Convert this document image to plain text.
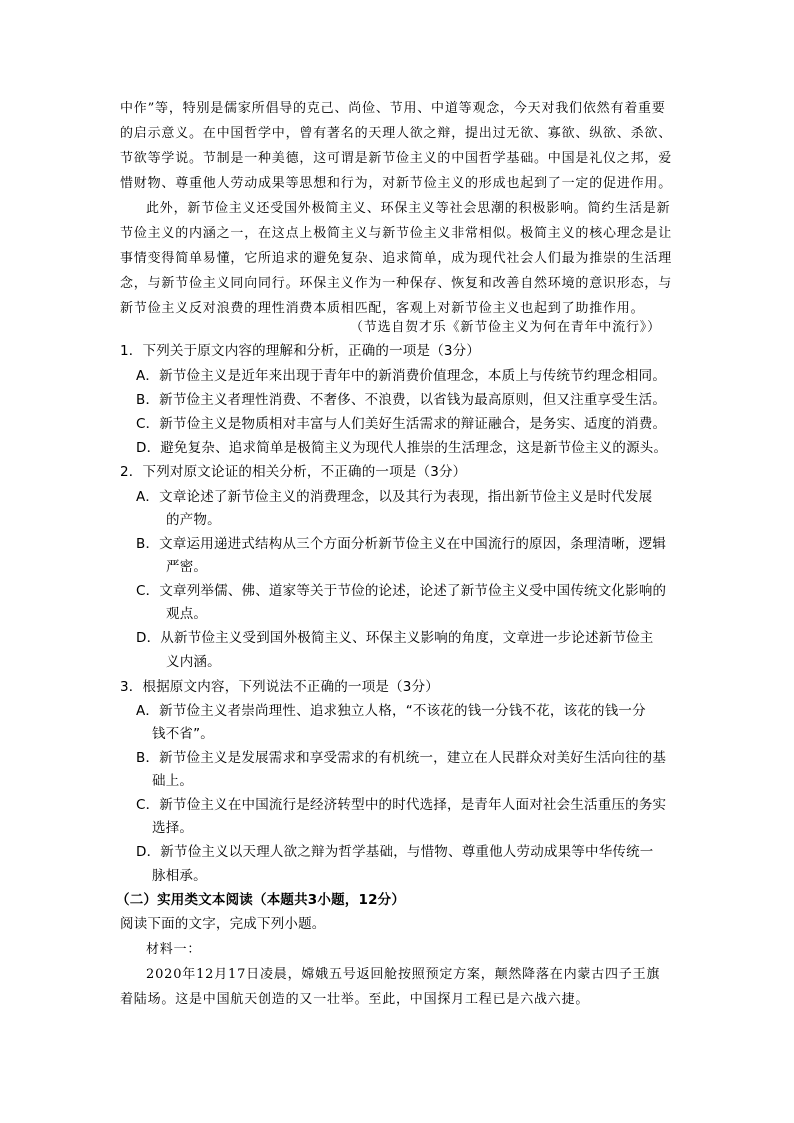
中作”等，特别是儒家所倡导的克己、尚俭、节用、中道等观念，今天对我们依然有着重要
的启示意义。在中国哲学中，曾有著名的天理人欲之辩，提出过无欲、寡欲、纵欲、杀欲、
节欲等学说。节制是一种美德，这可谓是新节俭主义的中国哲学基础。中国是礼仪之邦，爱
惜财物、尊重他人劳动成果等思想和行为，对新节俭主义的形成也起到了一定的促进作用。
此外，新节俭主义还受国外极简主义、环保主义等社会思潮的积极影响。简约生活是新
节俭主义的内涵之一，在这点上极简主义与新节俭主义非常相似。极简主义的核心理念是让
事情变得简单易懂，它所追求的避免复杂、追求简单，成为现代社会人们最为推崇的生活理
念，与新节俭主义同向同行。环保主义作为一种保存、恢复和改善自然环境的意识形态，与
新节俭主义反对浪费的理性消费本质相匹配，客观上对新节俭主义也起到了助推作用。
（节选自贺才乐《新节俭主义为何在青年中流行》）
1．下列关于原文内容的理解和分析，正确的一项是（3分）
A．新节俭主义是近年来出现于青年中的新消费价值理念，本质上与传统节约理念相同。
B．新节俭主义者理性消费、不奢侈、不浪费，以省钱为最高原则，但又注重享受生活。
C．新节俭主义是物质相对丰富与人们美好生活需求的辩证融合，是务实、适度的消费。
D．避免复杂、追求简单是极简主义为现代人推崇的生活理念，这是新节俭主义的源头。
2．下列对原文论证的相关分析，不正确的一项是（3分）
A．文章论述了新节俭主义的消费理念，以及其行为表现，指出新节俭主义是时代发展
的产物。
B．文章运用递进式结构从三个方面分析新节俭主义在中国流行的原因，条理清晰，逻辑
严密。
C．文章列举儒、佛、道家等关于节俭的论述，论述了新节俭主义受中国传统文化影响的
观点。
D．从新节俭主义受到国外极简主义、环保主义影响的角度，文章进一步论述新节俭主
义内涵。
3．根据原文内容，下列说法不正确的一项是（3分）
A．新节俭主义者崇尚理性、追求独立人格，“不该花的钱一分钱不花，该花的钱一分
钱不省”。
B．新节俭主义是发展需求和享受需求的有机统一，建立在人民群众对美好生活向往的基
础上。
C．新节俭主义在中国流行是经济转型中的时代选择，是青年人面对社会生活重压的务实
选择。
D．新节俭主义以天理人欲之辩为哲学基础，与惜物、尊重他人劳动成果等中华传统一
脉相承。
（二）实用类文本阅读（本题共3小题，12分）
阅读下面的文字，完成下列小题。
材料一：
2020年12月17日凌晨，嫦娥五号返回舱按照预定方案，颠然降落在内蒙古四子王旗
着陆场。这是中国航天创造的又一壮举。至此，中国探月工程已是六战六捷。
